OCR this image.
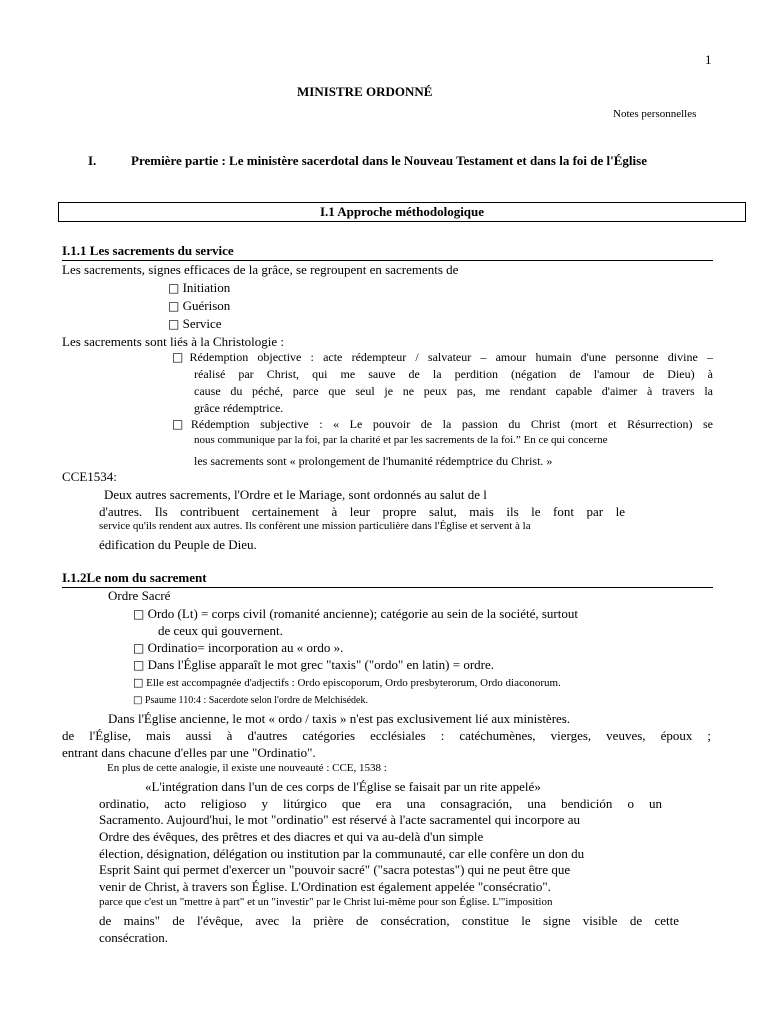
1
MINISTRE ORDONNÉ
Notes personnelles
I.	Première partie : Le ministère sacerdotal dans le Nouveau Testament et dans la foi de l'Église
I.1 Approche méthodologique
I.1.1 Les sacrements du service
Les sacrements, signes efficaces de la grâce, se regroupent en sacrements de
□ Initiation
□ Guérison
□ Service
Les sacrements sont liés à la Christologie :
□Rédemption objective : acte rédempteur / salvateur – amour humain d'une personne divine –
réalisé par Christ, qui me sauve de la perdition (négation de l'amour de Dieu) à
cause du péché, parce que seul je ne peux pas, me rendant capable d'aimer à travers la
grâce rédemptrice.
□Rédemption subjective : « Le pouvoir de la passion du Christ (mort et Résurrection) se
nous communique par la foi, par la charité et par les sacrements de la foi.” En ce qui concerne
les sacrements sont « prolongement de l'humanité rédemptrice du Christ. »
CCE1534:
Deux autres sacrements, l'Ordre et le Mariage, sont ordonnés au salut de l
d'autres. Ils contribuent certainement à leur propre salut, mais ils le font par le
service qu'ils rendent aux autres. Ils confèrent une mission particulière dans l'Église et servent à la
édification du Peuple de Dieu.
I.1.2Le nom du sacrement
Ordre Sacré
□ Ordo (Lt) = corps civil (romanité ancienne); catégorie au sein de la société, surtout
de ceux qui gouvernent.
□ Ordinatio= incorporation au « ordo ».
□ Dans l'Église apparaît le mot grec "taxis" ("ordo" en latin) = ordre.
□ Elle est accompagnée d'adjectifs : Ordo episcoporum, Ordo presbyterorum, Ordo diaconorum.
□ Psaume 110:4 : Sacerdote selon l'ordre de Melchisédek.
Dans l'Église ancienne, le mot « ordo / taxis » n'est pas exclusivement lié aux ministères.
de l'Église, mais aussi à d'autres catégories ecclésiales : catéchumènes, vierges, veuves, époux ;
entrant dans chacune d'elles par une "Ordinatio".
En plus de cette analogie, il existe une nouveauté : CCE, 1538 :
«L'intégration dans l'un de ces corps de l'Église se faisait par un rite appelé»
ordinatio, acto religioso y litúrgico que era una consagración, una bendición o un
Sacramento. Aujourd'hui, le mot "ordinatio" est réservé à l'acte sacramentel qui incorpore au
Ordre des évêques, des prêtres et des diacres et qui va au-delà d'un simple
élection, désignation, délégation ou institution par la communauté, car elle confère un don du
Esprit Saint qui permet d'exercer un "pouvoir sacré" ("sacra potestas") qui ne peut être que
venir de Christ, à travers son Église. L'Ordination est également appelée "consécratio".
parce que c'est un "mettre à part" et un "investir" par le Christ lui-même pour son Église. L'"imposition
de mains" de l'évêque, avec la prière de consécration, constitue le signe visible de cette
consécration.
